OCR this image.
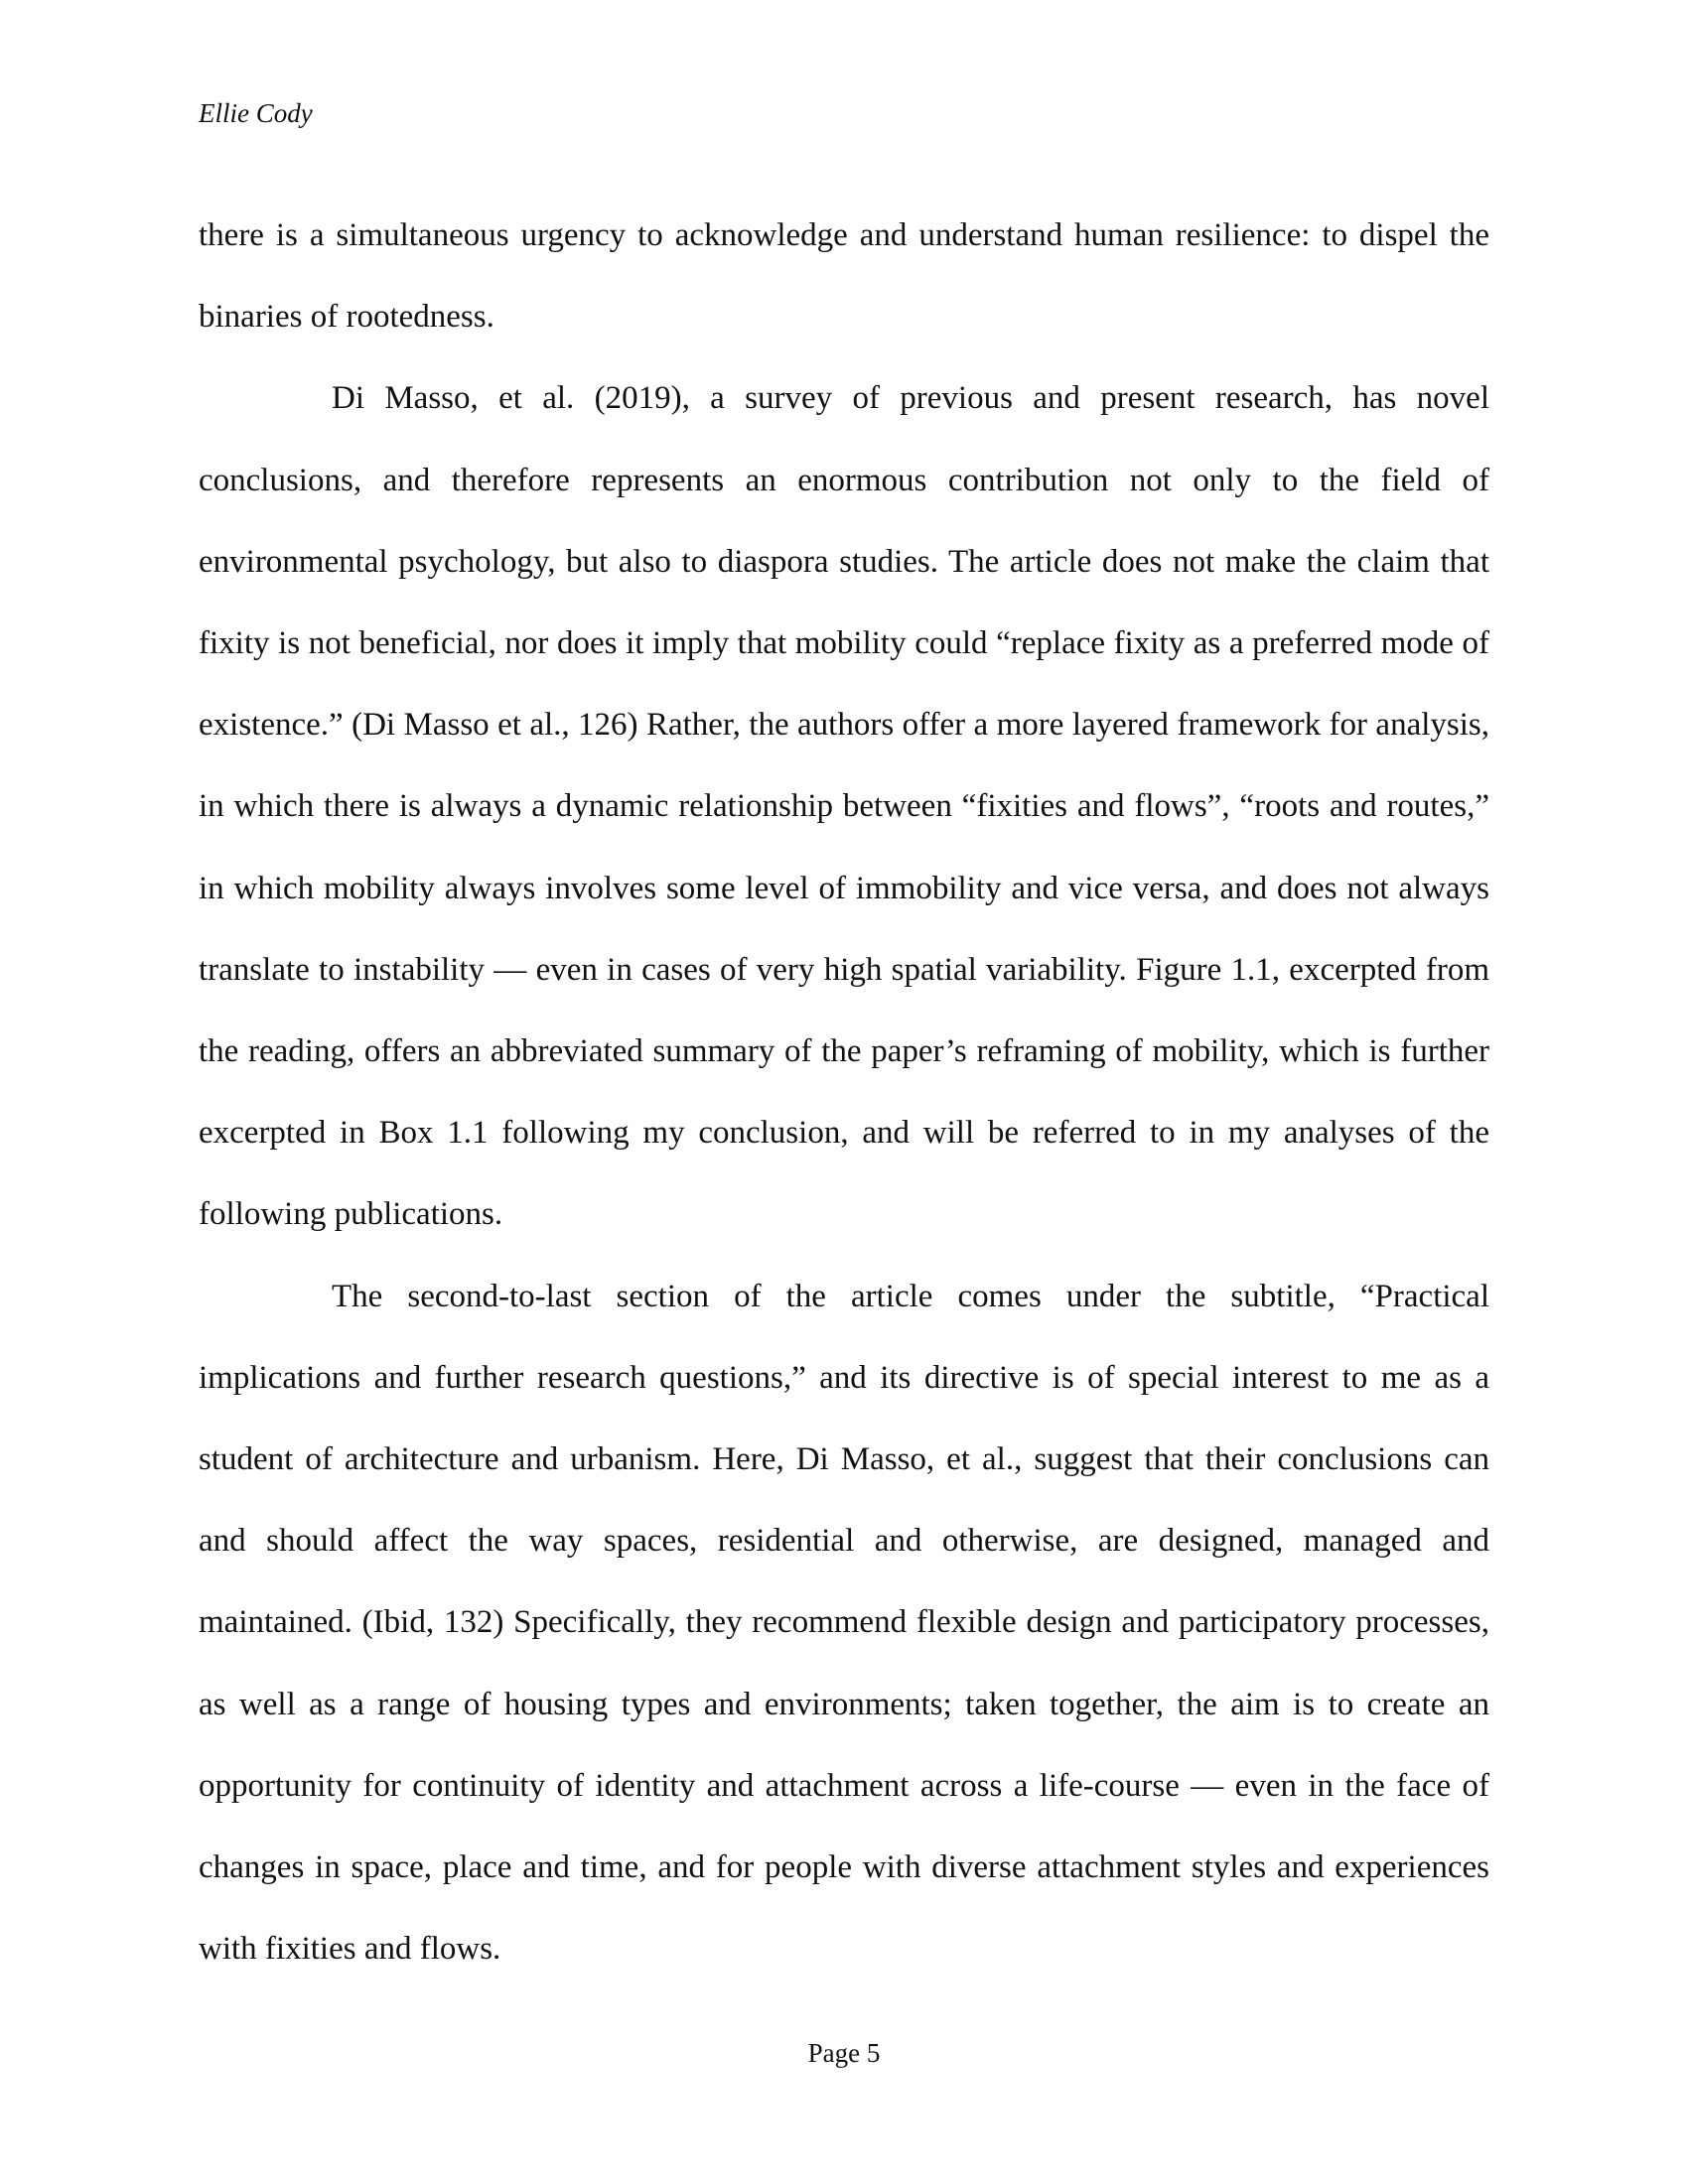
Ellie Cody

there is a simultaneous urgency to acknowledge and understand human resilience: to dispel the binaries of rootedness.

Di Masso, et al. (2019), a survey of previous and present research, has novel conclusions, and therefore represents an enormous contribution not only to the field of environmental psychology, but also to diaspora studies. The article does not make the claim that fixity is not beneficial, nor does it imply that mobility could “replace fixity as a preferred mode of existence.” (Di Masso et al., 126) Rather, the authors offer a more layered framework for analysis, in which there is always a dynamic relationship between “fixities and flows”, “roots and routes,” in which mobility always involves some level of immobility and vice versa, and does not always translate to instability — even in cases of very high spatial variability. Figure 1.1, excerpted from the reading, offers an abbreviated summary of the paper’s reframing of mobility, which is further excerpted in Box 1.1 following my conclusion, and will be referred to in my analyses of the following publications.

The second-to-last section of the article comes under the subtitle, “Practical implications and further research questions,” and its directive is of special interest to me as a student of architecture and urbanism. Here, Di Masso, et al., suggest that their conclusions can and should affect the way spaces, residential and otherwise, are designed, managed and maintained. (Ibid, 132) Specifically, they recommend flexible design and participatory processes, as well as a range of housing types and environments; taken together, the aim is to create an opportunity for continuity of identity and attachment across a life-course — even in the face of changes in space, place and time, and for people with diverse attachment styles and experiences with fixities and flows.

Page 5
